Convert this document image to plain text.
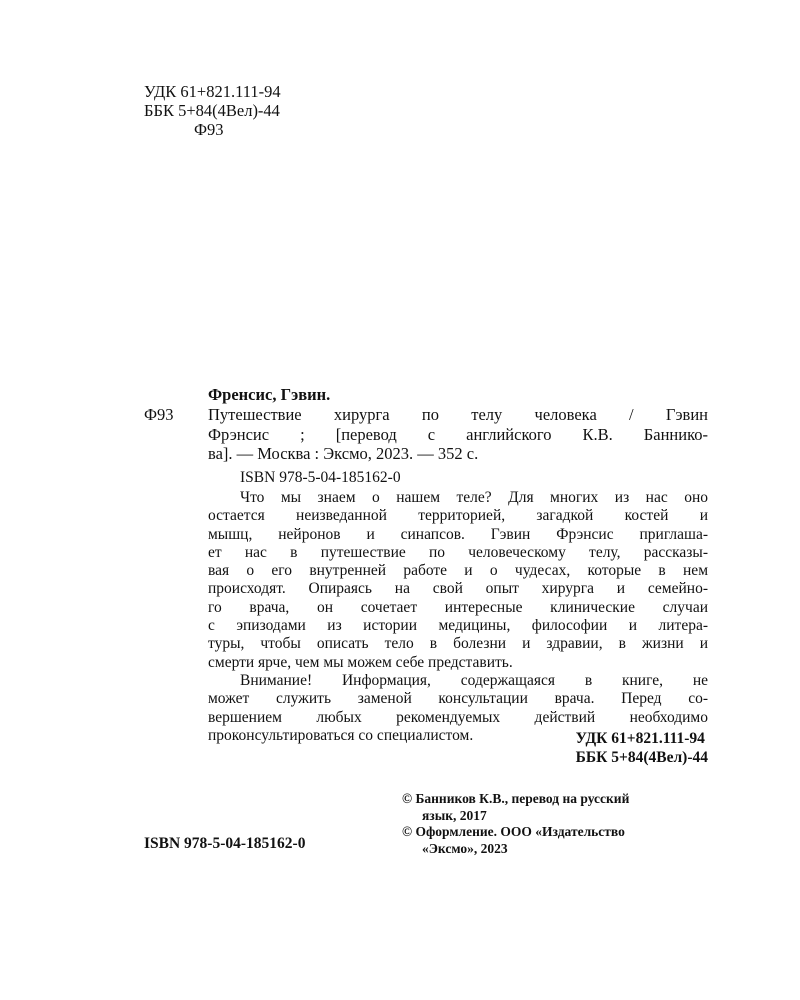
УДК 61+821.111-94
ББК 5+84(4Вел)-44
Ф93
Френсис, Гэвин.
Ф93 Путешествие хирурга по телу человека / Гэвин
Фрэнсис ; [перевод с английского К.В. Баннико-
ва]. — Москва : Эксмо, 2023. — 352 с.
ISBN 978-5-04-185162-0
Что мы знаем о нашем теле? Для многих из нас оно
остается неизведанной территорией, загадкой костей и
мышц, нейронов и синапсов. Гэвин Фрэнсис приглаша-
ет нас в путешествие по человеческому телу, рассказы-
вая о его внутренней работе и о чудесах, которые в нем
происходят. Опираясь на свой опыт хирурга и семейно-
го врача, он сочетает интересные клинические случаи
с эпизодами из истории медицины, философии и литера-
туры, чтобы описать тело в болезни и здравии, в жизни и
смерти ярче, чем мы можем себе представить.
Внимание! Информация, содержащаяся в книге, не
может служить заменой консультации врача. Перед со-
вершением любых рекомендуемых действий необходимо
проконсультироваться со специалистом.	УДК 61+821.111-94
ББК 5+84(4Вел)-44
© Банников К.В., перевод на русский
язык, 2017
© Оформление. ООО «Издательство
«Эксмо», 2023
ISBN 978-5-04-185162-0
